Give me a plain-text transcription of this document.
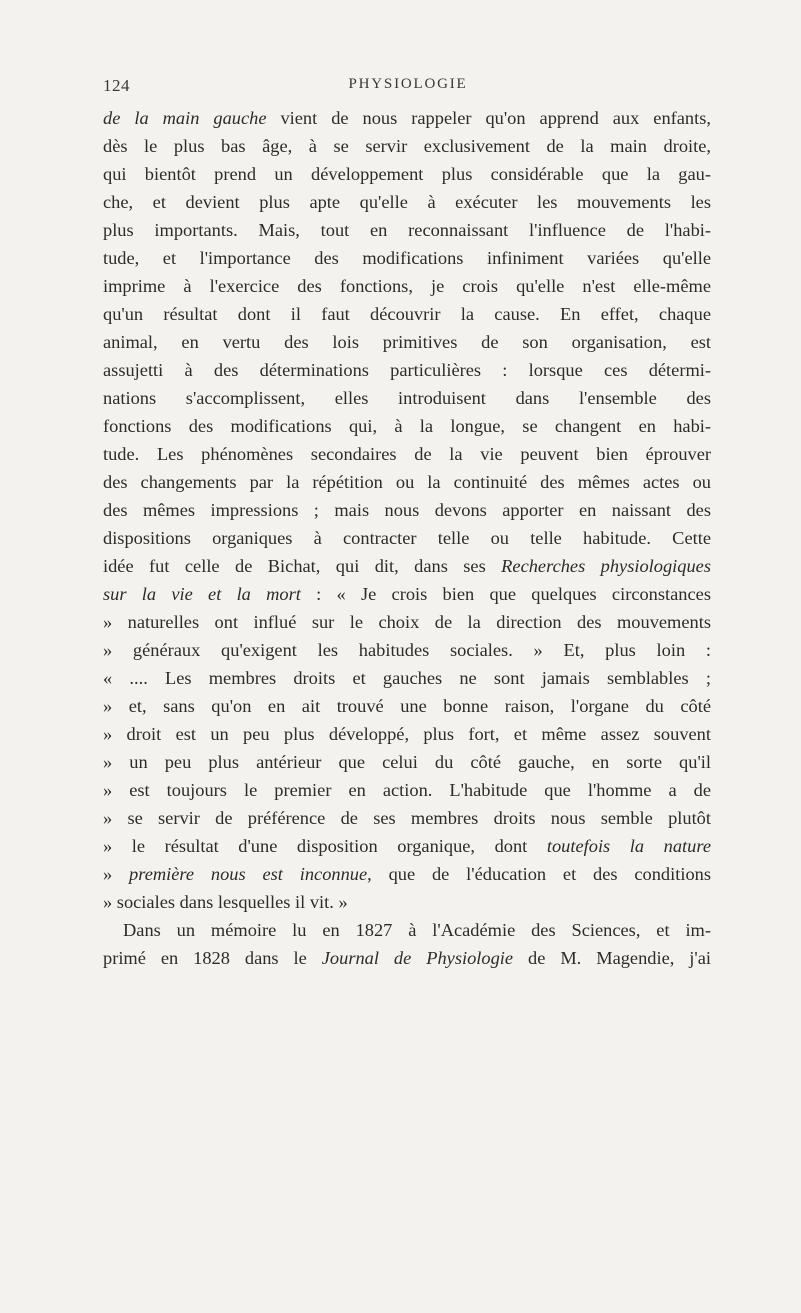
124	PHYSIOLOGIE
de la main gauche vient de nous rappeler qu'on apprend aux enfants,
dès le plus bas âge, à se servir exclusivement de la main droite,
qui bientôt prend un développement plus considérable que la gau-
che, et devient plus apte qu'elle à exécuter les mouvements les
plus importants. Mais, tout en reconnaissant l'influence de l'habi-
tude, et l'importance des modifications infiniment variées qu'elle
imprime à l'exercice des fonctions, je crois qu'elle n'est elle-même
qu'un résultat dont il faut découvrir la cause. En effet, chaque
animal, en vertu des lois primitives de son organisation, est
assujetti à des déterminations particulières : lorsque ces détermi-
nations s'accomplissent, elles introduisent dans l'ensemble des
fonctions des modifications qui, à la longue, se changent en habi-
tude. Les phénomènes secondaires de la vie peuvent bien éprouver
des changements par la répétition ou la continuité des mêmes actes ou
des mêmes impressions ; mais nous devons apporter en naissant des
dispositions organiques à contracter telle ou telle habitude. Cette
idée fut celle de Bichat, qui dit, dans ses Recherches physiologiques
sur la vie et la mort : « Je crois bien que quelques circonstances
» naturelles ont influé sur le choix de la direction des mouvements
» généraux qu'exigent les habitudes sociales. » Et, plus loin :
« .... Les membres droits et gauches ne sont jamais semblables ;
» et, sans qu'on en ait trouvé une bonne raison, l'organe du côté
» droit est un peu plus développé, plus fort, et même assez souvent
» un peu plus antérieur que celui du côté gauche, en sorte qu'il
» est toujours le premier en action. L'habitude que l'homme a de
» se servir de préférence de ses membres droits nous semble plutôt
» le résultat d'une disposition organique, dont toutefois la nature
» première nous est inconnue, que de l'éducation et des conditions
» sociales dans lesquelles il vit. »
Dans un mémoire lu en 1827 à l'Académie des Sciences, et im-
primé en 1828 dans le Journal de Physiologie de M. Magendie, j'ai
